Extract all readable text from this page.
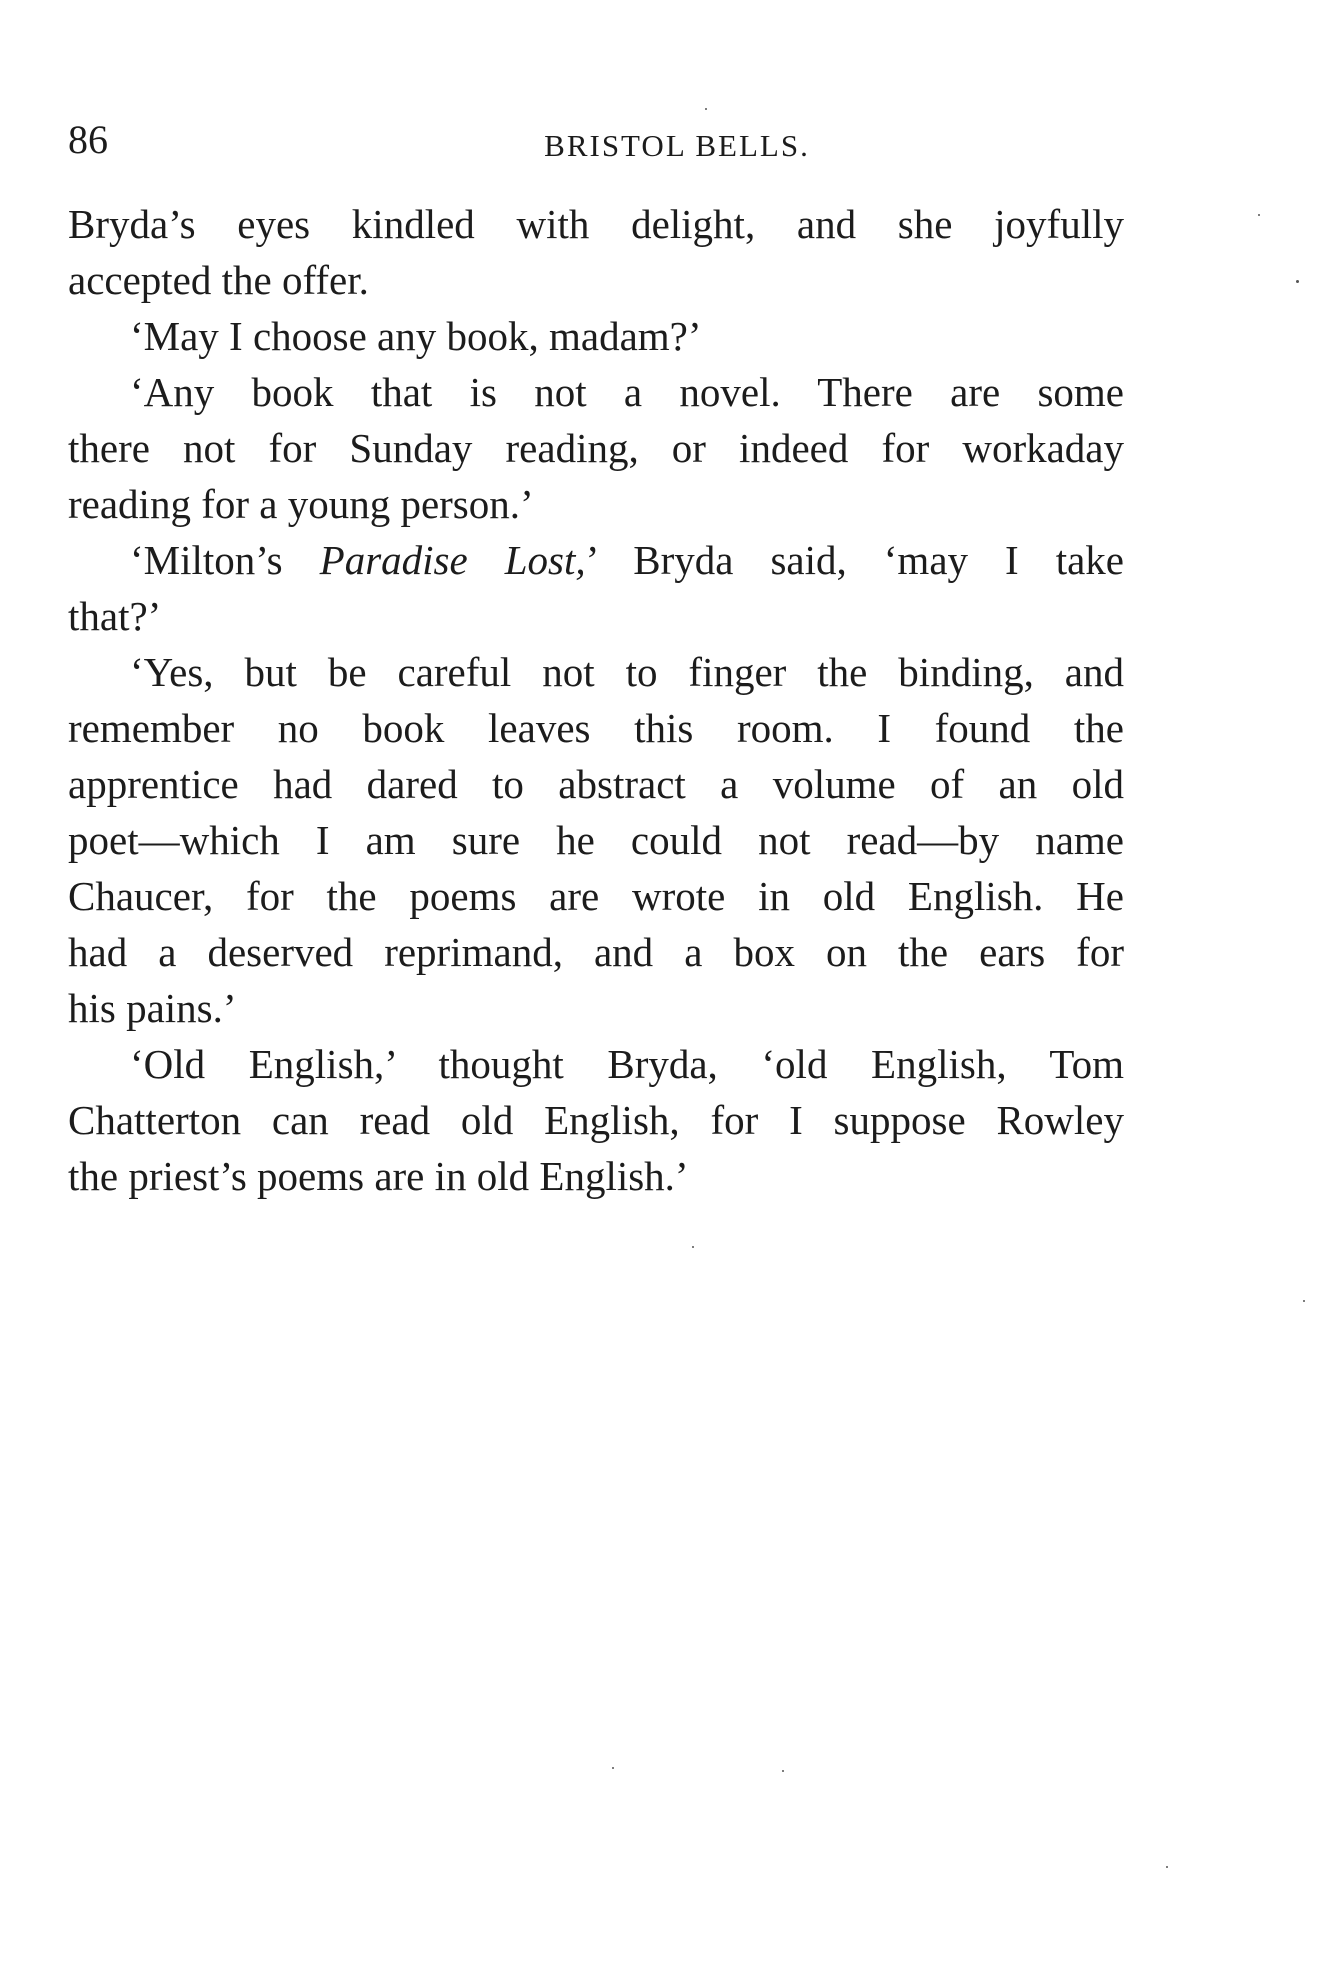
86	BRISTOL BELLS.
Bryda’s eyes kindled with delight, and she joyfully
accepted the offer.
‘May I choose any book, madam?’
‘Any book that is not a novel. There are some
there not for Sunday reading, or indeed for workaday
reading for a young person.’
‘Milton’s Paradise Lost,’ Bryda said, ‘may I take
that?’
‘Yes, but be careful not to finger the binding, and
remember no book leaves this room. I found the
apprentice had dared to abstract a volume of an old
poet—which I am sure he could not read—by name
Chaucer, for the poems are wrote in old English. He
had a deserved reprimand, and a box on the ears for
his pains.’
‘Old English,’ thought Bryda, ‘old English, Tom
Chatterton can read old English, for I suppose Rowley
the priest’s poems are in old English.’
